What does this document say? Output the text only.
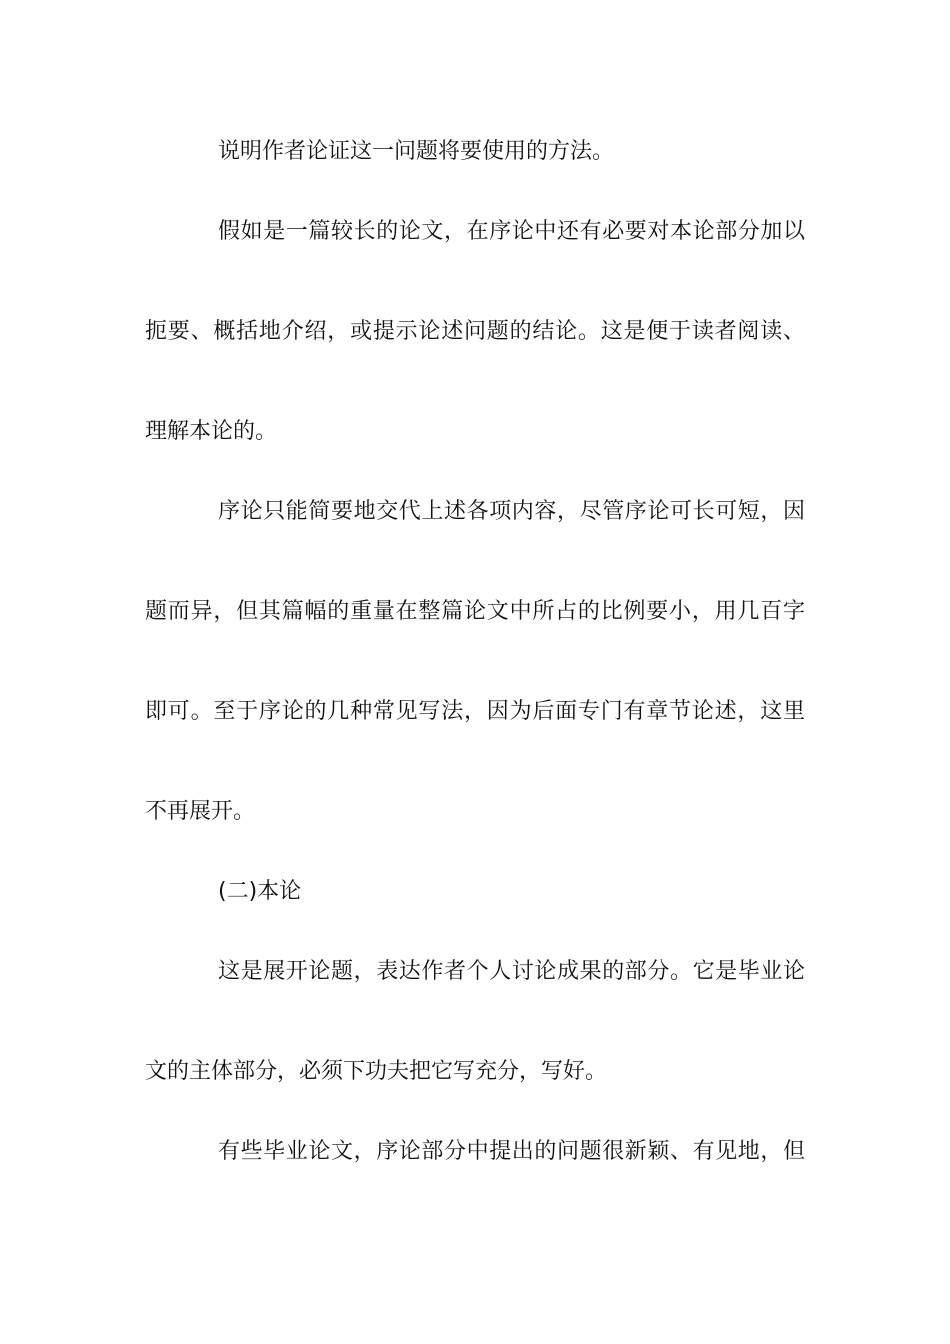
说明作者论证这一问题将要使用的方法。
假如是一篇较长的论文，在序论中还有必要对本论部分加以
扼要、概括地介绍，或提示论述问题的结论。这是便于读者阅读、
理解本论的。
序论只能简要地交代上述各项内容，尽管序论可长可短，因
题而异，但其篇幅的重量在整篇论文中所占的比例要小，用几百字
即可。至于序论的几种常见写法，因为后面专门有章节论述，这里
不再展开。
(二)本论
这是展开论题，表达作者个人讨论成果的部分。它是毕业论
文的主体部分，必须下功夫把它写充分，写好。
有些毕业论文，序论部分中提出的问题很新颖、有见地，但
